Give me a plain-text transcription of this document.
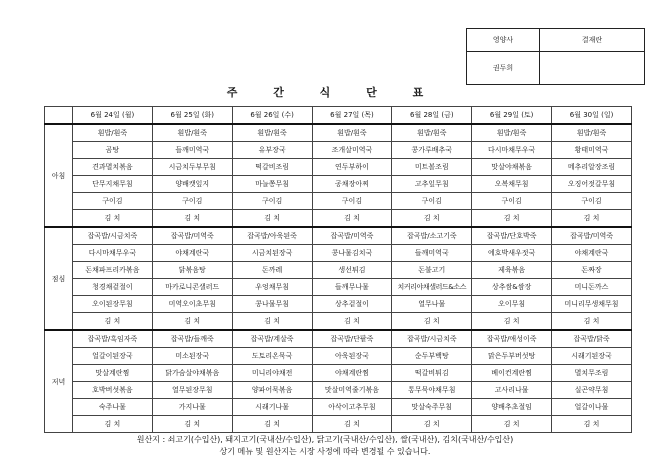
영양사	결재란
권두희	
주 간 식 단 표
	6월 24일 (월)	6월 25일 (화)	6월 26일 (수)	6월 27일 (목)	6월 28일 (금)	6월 29일 (토)	6월 30일 (일)
아침	흰밥/흰죽	흰밥/흰죽	흰밥/흰죽	흰밥/흰죽	흰밥/흰죽	흰밥/흰죽	흰밥/흰죽
	곰탕	들깨미역국	유부장국	조개살미역국	콩가루배추국	다시마채무우국	황태미역국
	견과멸치볶음	시금치두부무침	떡갈비조림	연두부하이	미트볼조림	맛살야채볶음	메추리알장조림
	단무지채무침	양배캣잎지	마늘쫑무침	공채장아찌	고추잎무침	오복채무침	오징어젓갈무침
	구이김	구이김	구이김	구이김	구이김	구이김	구이김
	김 치	김 치	김 치	김 치	김 치	김 치	김 치
점심	잡곡밥/시금치죽	잡곡밥/미역죽	잡곡밥/아욱된죽	잡곡밥/미역죽	잡곡밥/소고기죽	잡곡밥/단호박죽	잡곡밥/미역죽
	다시마채무우국	야채계란국	시금치된장국	콩나물김치국	들깨미역국	에호박새우젓국	야채계란국
	돈채파프리카볶음	닭볶음탕	돈까레	생선튀김	돈불고기	제육볶음	돈짜장
	청경채겉절이	마카로니콘샐러드	우엉채무침	들깨무나물	치커리야채샐러드&소스	상추쌈&쌈장	미니돈까스
	오이된장무침	미역오이초무침	콩나물무침	상추겉절이	열무나물	오이무침	미니리무생채무침
	김 치	김 치	김 치	김 치	김 치	김 치	김 치
저녁	잡곡밥/흑임자죽	잡곡밥/들깨죽	잡곡밥/계살죽	잡곡밥/단팥죽	잡곡밥/시금치죽	잡곡밥/애성이죽	잡곡밥/닭죽
	얼갈이된장국	미소된장국	도토리온묵국	아욱된장국	순두부백탕	맑은두부버섯탕	시래기된장국
	맛살계란찜	닭가슴살야채볶음	미니리야채전	야채계란찜	떡갈비튀김	베이컨계란찜	멸치무조림
	호박버섯볶음	열무된장무침	양파어묵볶음	맛살미역줄기볶음	통무묵야채무침	고사리나물	실곤약무침
	숙주나물	가지나물	시래기나물	아삭이고추무침	맛살숙주무침	양배추초절임	얼갈이나물
	김 치	김 치	김 치	김 치	김 치	김 치	김 치
원산지 : 쇠고기(수입산), 돼지고기(국내산/수입산), 닭고기(국내산/수입산), 쌀(국내산), 김치(국내산/수입산)
상기 메뉴 및 원산지는 시장 사정에 따라 변경될 수 있습니다.
